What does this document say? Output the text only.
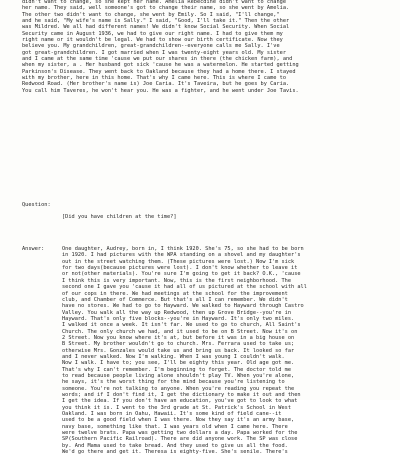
didn't want to change, so she kept her name. Amelia Rebecdine didn't want to change
her name. They said, well someone's got to change their name, so she went by Amelia.
The other two didn't want to change, she went by Emily. So I said, "I'll change,"
and he said, "My wife's name is Sally." I said, "Good, I'll take it." Then the other
was Mildred. We all had different names! We didn't know Social Security. When Social
Security came in August 1936, we had to give our right name. I had to give them my
right name or it wouldn't be legal. We had to show our birth certificate. Now they
believe you. My grandchildren, great-grandchildren--everyone calls me Sally. I've
got great-grandchildren. I got married when I was twenty-eight years old. My sister
and I came at the same time 'cause we put our shares in there (the chicken farm), and
when my sister, a . Her husband got sick 'cause he was a watermelon. He started getting
Parkinson's Disease. They went back to Oakland because they had a home there. I stayed
with my brother, here in this home. That's why I came here. This is where I came to
Redwood Road. (Her brother's name is) Joe Caria. It's Taveira, but he goes by Caria.
You call him Taveres, he won't hear you. He was a fighter, and he went under Joe Tavis.

Question:

[Did you have children at the time?]

Answer:	One daughter, Audrey, born in, I think 1920. She's 75, so she had to be born
in 1920. I had pictures with the WPA standing on a shovel and my daughter's
out in the street watching them. (These pictures were lost.) Now I'm sick
for two days(because pictures were lost). I don't know whether to leave it
or not(other materials). You're sure I'm going to get it back? O.K., 'cause
I think this is very important. Now, this is the first neighborhood. The
second one I gave you 'cause it had all of us pictured at the school with all
of our cops in there. We had meetings at the school for the improvement
club, and Chamber of Commerce. But that's all I can remember. We didn't
have no stores. We had to go to Hayward. We walked to Hayward through Castro
Valley. You walk all the way up Redwood, then up Grove Bridge--you're in
Hayward. That's only five blocks--you're in Hayward. It's only two miles.
I walked it once a week. It isn't far. We used to go to church, All Saint's
Church. The only church we had, and it used to be on B Street. Now it's on
2 Street. Now you know where it's at, but before it was in a big house on
B Street. My brother wouldn't go to church. Mrs. Ferrara used to take us;
otherwise Mrs. Gonzales would take us and bring us back. It looked so far
and I never walked. Now I'm walking. When I was young I couldn't walk.
Now I walk. I have to; you see, I'll be eighty this year. Old age got me.
That's why I can't remember. I'm beginning to forget. The doctor told me
to read because people living alone shouldn't play TV. When you're alone,
he says, it's the worst thing for the mind because you're listening to
someone. You're not talking to anyone. When you're reading you repeat the
words; and if I don't find it, I get the dictionary to make it out and then
I get the idea. If you don't have an education, you've got to look to what
you think it is. I went to the 3rd grade at St. Patrick's School in West
Oakland. I was born in Oahu, Hawaii. It's some kind of field cane--it
used to be a good field when I was there. Now they say it's an army base,
navy base, something like that. I was years old when I came here. There
were twelve brats. Papa was getting two dollars a day. Papa worked for the
SP(Southern Pacific Railroad). There are did anyone work. The SP was close
by. And Mama used to take bread. And they used to give us all the food.
We'd go there and get it. Theresa is eighty-five. She's senile. There's
